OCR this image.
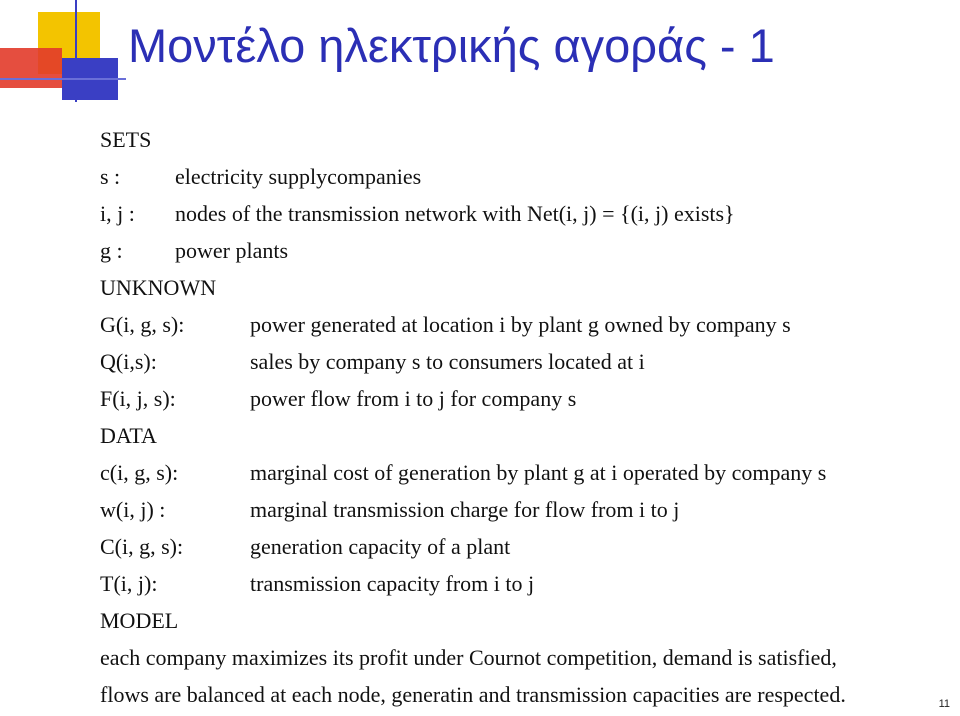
Μοντέλο ηλεκτρικής αγοράς - 1
SETS
s : electricity supplycompanies
i, j : nodes of the transmission network with Net(i, j) = {(i, j) exists}
g : power plants
UNKNOWN
G(i, g, s):	power generated at location i by plant g owned by company s
Q(i,s):	sales by company s to consumers located at i
F(i, j, s):	power flow from i to j for company s
DATA
c(i, g, s):	marginal cost of generation by plant g at i operated by company s
w(i, j) :	marginal transmission charge for flow from i to j
C(i, g, s):	generation capacity of a plant
T(i, j):	transmission capacity from i to j
MODEL
each company maximizes its profit under Cournot competition, demand is satisfied,
flows are balanced at each node, generatin and transmission capacities are respected.	11
